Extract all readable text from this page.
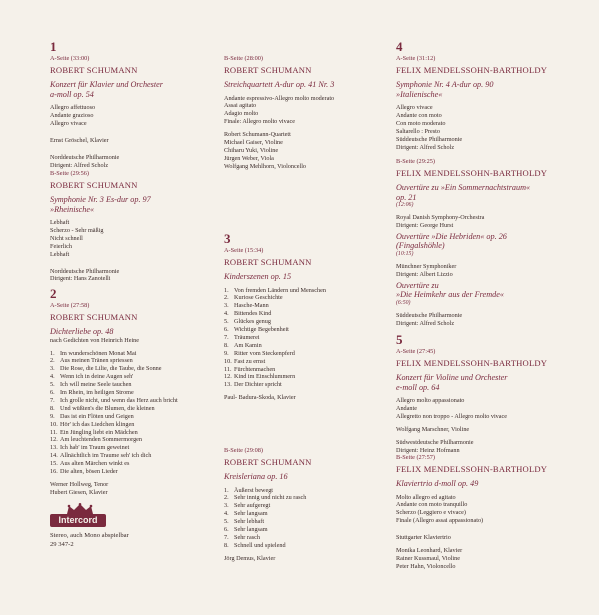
1
A-Seite (33:00)
ROBERT SCHUMANN
Konzert für Klavier und Orchester
a-moll op. 54
Allegro affettuoso
Andante grazioso
Allegro vivace
Ernst Gröschel, Klavier
Norddeutsche Philharmonie
Dirigent: Alfred Scholz
B-Seite (29:56)
ROBERT SCHUMANN
Symphonie Nr. 3 Es-dur op. 97
»Rheinische«
Lebhaft
Scherzo - Sehr mäßig
Nicht schnell
Feierlich
Lebhaft
Norddeutsche Philharmonie
Dirigent: Hans Zanotelli
2
A-Seite (27:58)
ROBERT SCHUMANN
Dichterliebe op. 48
nach Gedichten von Heinrich Heine
1. Im wunderschönen Monat Mai
2. Aus meinen Tränen spriessen
3. Die Rose, die Lilie, die Taube, die Sonne
4. Wenn ich in deine Augen seh'
5. Ich will meine Seele tauchen
6. Im Rhein, im heiligen Strome
7. Ich grolle nicht, und wenn das Herz auch bricht
8. Und wüßten's die Blumen, die kleinen
9. Das ist ein Flöten und Geigen
10. Hör' ich das Liedchen klingen
11. Ein Jüngling liebt ein Mädchen
12. Am leuchtenden Sommermorgen
13. Ich hab' im Traum geweinet
14. Allnächtlich im Traume seh' ich dich
15. Aus alten Märchen winkt es
16. Die alten, bösen Lieder
Werner Hollweg, Tenor
Hubert Giesen, Klavier
Intercord
Stereo, auch Mono abspielbar
29 347-2
B-Seite (28:00)
ROBERT SCHUMANN
Streichquartett A-dur op. 41 Nr. 3
Andante espressivo-Allegro molto moderato
Assai agitato
Adagio molto
Finale: Allegro molto vivace
Robert Schumann-Quartett
Michael Gaiser, Violine
Chiharu Yuki, Violine
Jürgen Weber, Viola
Wolfgang Mehlhorn, Violoncello
3
A-Seite (15:34)
ROBERT SCHUMANN
Kinderszenen op. 15
1. Von fremden Ländern und Menschen
2. Kuriose Geschichte
3. Hasche-Mann
4. Bittendes Kind
5. Glückes genug
6. Wichtige Begebenheit
7. Träumerei
8. Am Kamin
9. Ritter vom Steckenpferd
10. Fast zu ernst
11. Fürchtenmachen
12. Kind im Einschlummern
13. Der Dichter spricht
Paul- Badura-Skoda, Klavier
B-Seite (29:08)
ROBERT SCHUMANN
Kreisleriana op. 16
1. Äußerst bewegt
2. Sehr innig und nicht zu rasch
3. Sehr aufgeregt
4. Sehr langsam
5. Sehr lebhaft
6. Sehr langsam
7. Sehr rasch
8. Schnell und spielend
Jörg Demus, Klavier
4
A-Seite (31:12)
FELIX MENDELSSOHN-BARTHOLDY
Symphonie Nr. 4 A-dur op. 90
»Italienische«
Allegro vivace
Andante con moto
Con moto moderato
Saltarello : Presto
Süddeutsche Philharmonie
Dirigent: Alfred Scholz
B-Seite (29:25)
FELIX MENDELSSOHN-BARTHOLDY
Ouvertüre zu »Ein Sommernachtstraum«
op. 21
(12:06)
Royal Danish Symphony-Orchestra
Dirigent: George Hurst
Ouvertüre »Die Hebriden« op. 26
(Fingalshöhle)
(10:15)
Münchner Symphoniker
Dirigent: Albert Lizzio
Ouvertüre zu
»Die Heimkehr aus der Fremde«
(6:50)
Süddeutsche Philharmonie
Dirigent: Alfred Scholz
5
A-Seite (27:45)
FELIX MENDELSSOHN-BARTHOLDY
Konzert für Violine und Orchester
e-moll op. 64
Allegro molto appassionato
Andante
Allegretto non troppo - Allegro molto vivace
Wolfgang Marschner, Violine
Südwestdeutsche Philharmonie
Dirigent: Heinz Hofmann
B-Seite (27:57)
FELIX MENDELSSOHN-BARTHOLDY
Klaviertrio d-moll op. 49
Molto allegro ed agitato
Andante con moto tranquillo
Scherzo (Leggiero e vivace)
Finale (Allegro assai appassionato)
Stuttgarter Klaviertrio
Monika Leonhard, Klavier
Rainer Kussmaul, Violine
Peter Hahn, Violoncello
